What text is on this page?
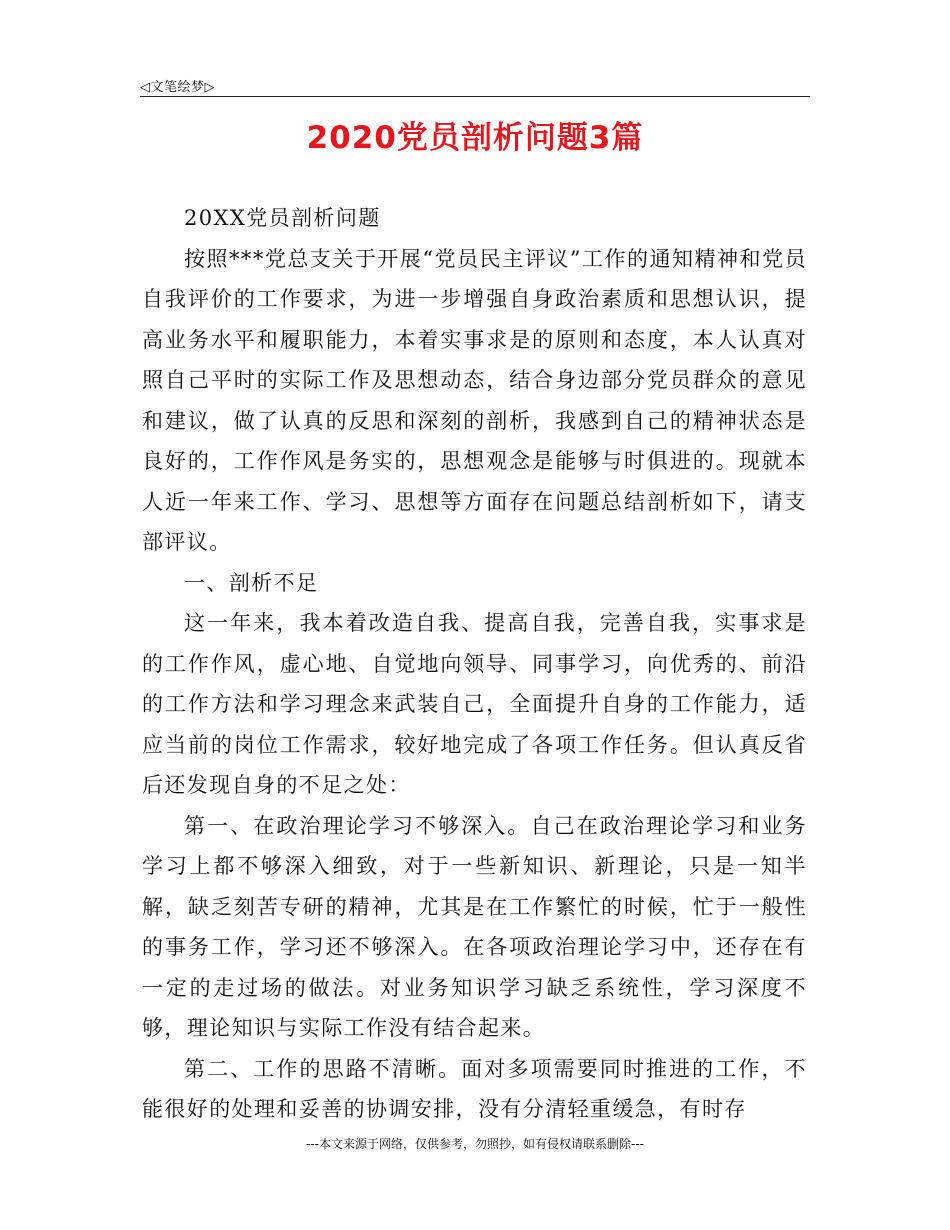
◁文笔绘梦▷
2020党员剖析问题3篇

20XX党员剖析问题

按照***党总支关于开展“党员民主评议”工作的通知精神和党员自我评价的工作要求，为进一步增强自身政治素质和思想认识，提高业务水平和履职能力，本着实事求是的原则和态度，本人认真对照自己平时的实际工作及思想动态，结合身边部分党员群众的意见和建议，做了认真的反思和深刻的剖析，我感到自己的精神状态是良好的，工作作风是务实的，思想观念是能够与时俱进的。现就本人近一年来工作、学习、思想等方面存在问题总结剖析如下，请支部评议。

一、剖析不足

这一年来，我本着改造自我、提高自我，完善自我，实事求是的工作作风，虚心地、自觉地向领导、同事学习，向优秀的、前沿的工作方法和学习理念来武装自己，全面提升自身的工作能力，适应当前的岗位工作需求，较好地完成了各项工作任务。但认真反省后还发现自身的不足之处：

第一、在政治理论学习不够深入。自己在政治理论学习和业务学习上都不够深入细致，对于一些新知识、新理论，只是一知半解，缺乏刻苦专研的精神，尤其是在工作繁忙的时候，忙于一般性的事务工作，学习还不够深入。在各项政治理论学习中，还存在有一定的走过场的做法。对业务知识学习缺乏系统性，学习深度不够，理论知识与实际工作没有结合起来。

第二、工作的思路不清晰。面对多项需要同时推进的工作，不能很好的处理和妥善的协调安排，没有分清轻重缓急，有时存

---本文来源于网络，仅供参考，勿照抄，如有侵权请联系删除---
